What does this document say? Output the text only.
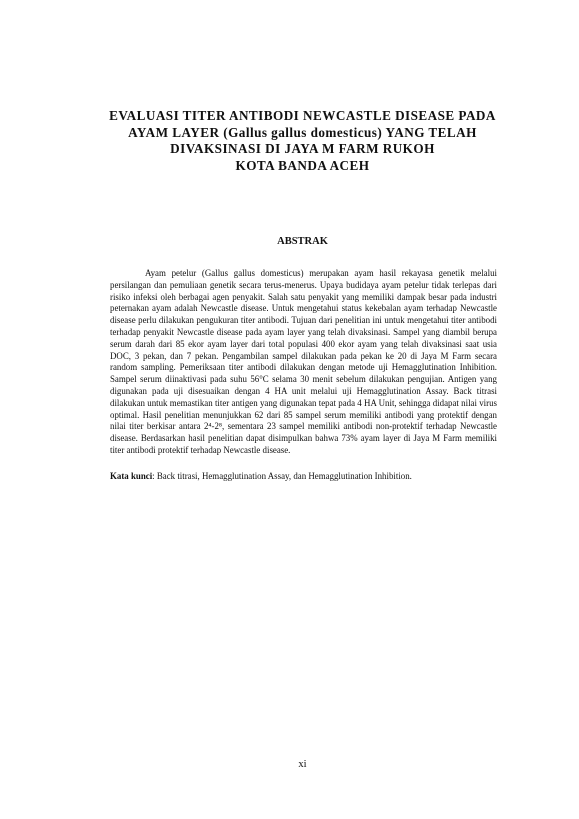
EVALUASI TITER ANTIBODI NEWCASTLE DISEASE PADA
AYAM LAYER (Gallus gallus domesticus) YANG TELAH
DIVAKSINASI DI JAYA M FARM RUKOH
KOTA BANDA ACEH
ABSTRAK

Ayam petelur (Gallus gallus domesticus) merupakan ayam hasil rekayasa genetik melalui persilangan dan pemuliaan genetik secara terus-menerus. Upaya budidaya ayam petelur tidak terlepas dari risiko infeksi oleh berbagai agen penyakit. Salah satu penyakit yang memiliki dampak besar pada industri peternakan ayam adalah Newcastle disease. Untuk mengetahui status kekebalan ayam terhadap Newcastle disease perlu dilakukan pengukuran titer antibodi. Tujuan dari penelitian ini untuk mengetahui titer antibodi terhadap penyakit Newcastle disease pada ayam layer yang telah divaksinasi. Sampel yang diambil berupa serum darah dari 85 ekor ayam layer dari total populasi 400 ekor ayam yang telah divaksinasi saat usia DOC, 3 pekan, dan 7 pekan. Pengambilan sampel dilakukan pada pekan ke 20 di Jaya M Farm secara random sampling. Pemeriksaan titer antibodi dilakukan dengan metode uji Hemagglutination Inhibition. Sampel serum diinaktivasi pada suhu 56°C selama 30 menit sebelum dilakukan pengujian. Antigen yang digunakan pada uji disesuaikan dengan 4 HA unit melalui uji Hemagglutination Assay. Back titrasi dilakukan untuk memastikan titer antigen yang digunakan tepat pada 4 HA Unit, sehingga didapat nilai virus optimal. Hasil penelitian menunjukkan 62 dari 85 sampel serum memiliki antibodi yang protektif dengan nilai titer berkisar antara 2⁴-2⁸, sementara 23 sampel memiliki antibodi non-protektif terhadap Newcastle disease. Berdasarkan hasil penelitian dapat disimpulkan bahwa 73% ayam layer di Jaya M Farm memiliki titer antibodi protektif terhadap Newcastle disease.

Kata kunci: Back titrasi, Hemagglutination Assay, dan Hemagglutination Inhibition.

xi
